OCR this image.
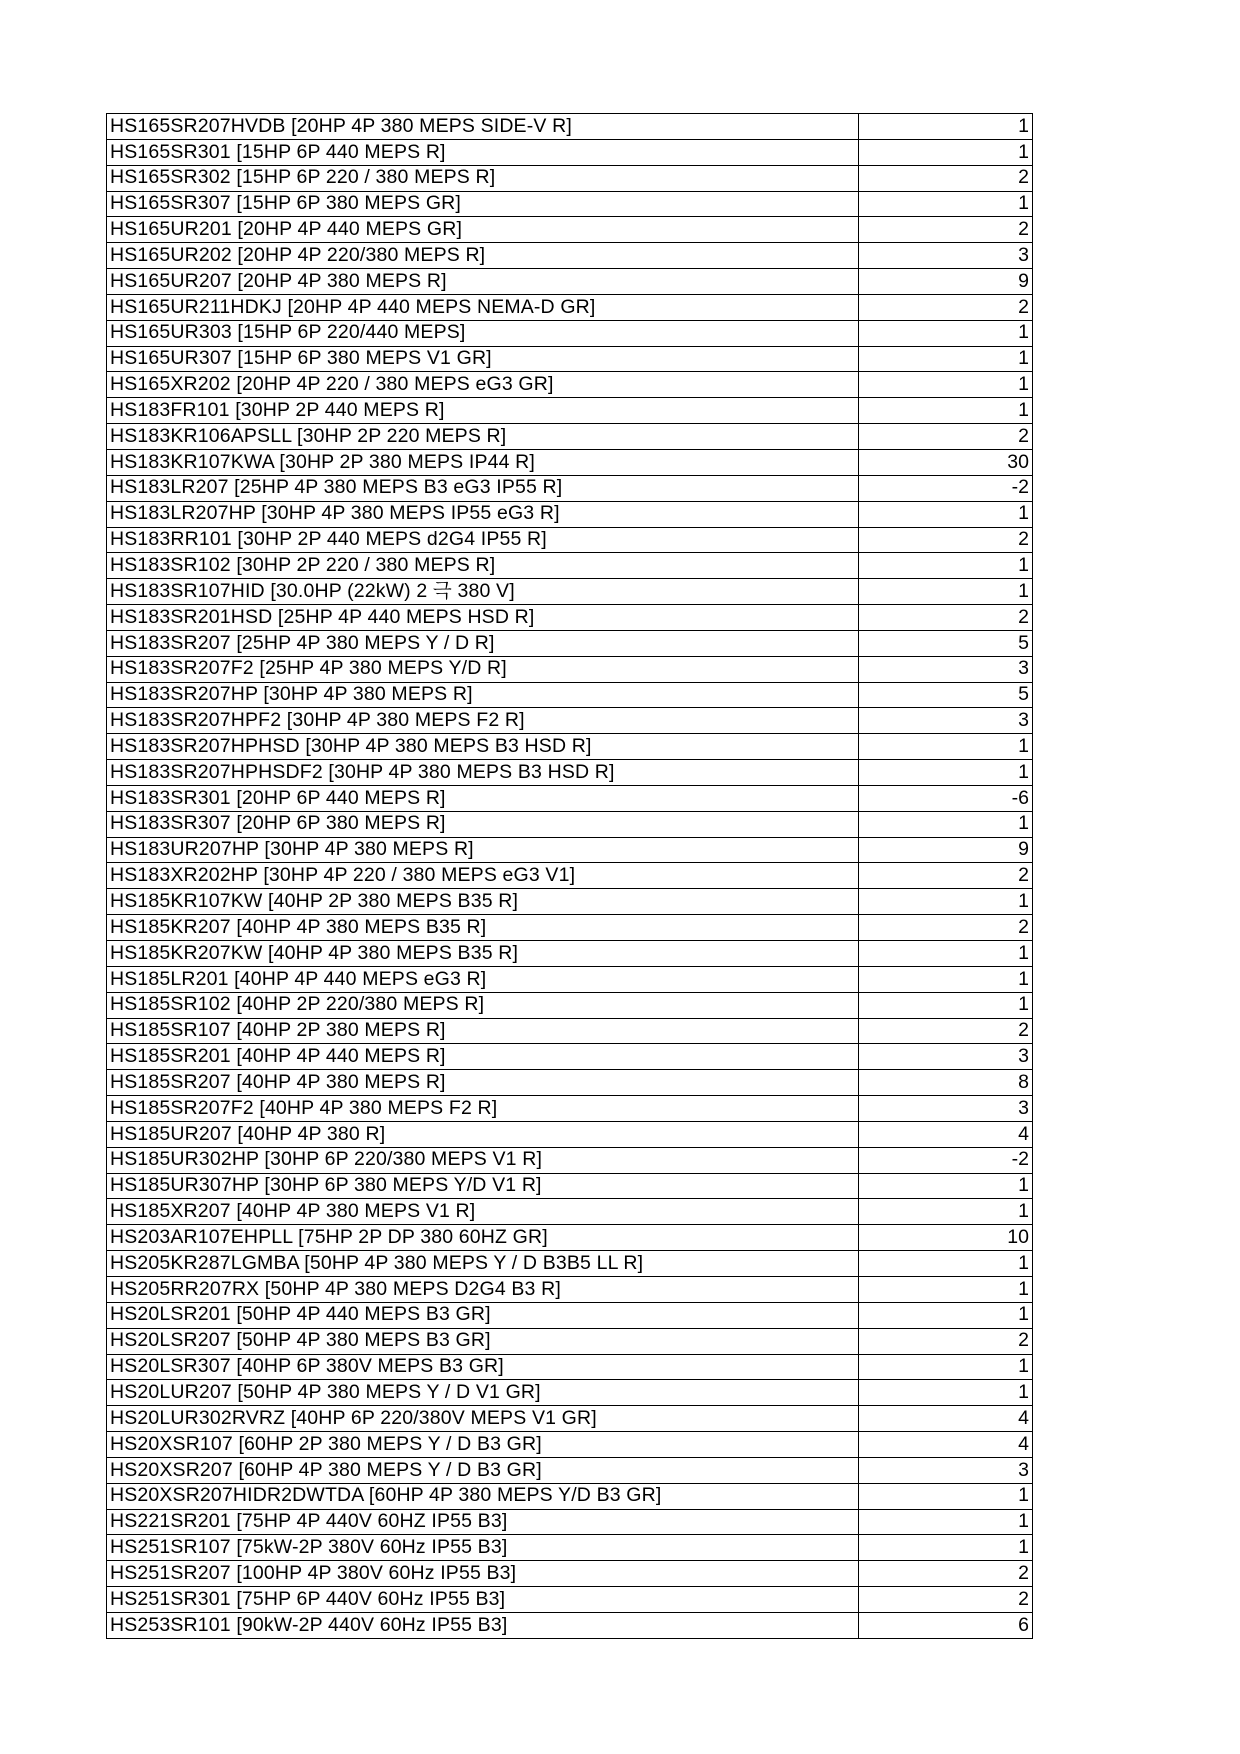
HS165SR207HVDB [20HP 4P 380 MEPS SIDE-V R]	1
HS165SR301 [15HP 6P 440 MEPS R]	1
HS165SR302 [15HP 6P 220 / 380 MEPS R]	2
HS165SR307 [15HP 6P 380 MEPS GR]	1
HS165UR201 [20HP 4P 440 MEPS GR]	2
HS165UR202 [20HP 4P 220/380 MEPS R]	3
HS165UR207 [20HP 4P 380 MEPS R]	9
HS165UR211HDKJ [20HP 4P 440 MEPS NEMA-D GR]	2
HS165UR303 [15HP 6P 220/440 MEPS]	1
HS165UR307 [15HP 6P 380 MEPS V1 GR]	1
HS165XR202 [20HP 4P 220 / 380 MEPS eG3 GR]	1
HS183FR101 [30HP 2P 440 MEPS R]	1
HS183KR106APSLL [30HP 2P 220 MEPS R]	2
HS183KR107KWA [30HP 2P 380 MEPS IP44 R]	30
HS183LR207 [25HP 4P 380 MEPS B3 eG3 IP55 R]	-2
HS183LR207HP [30HP 4P 380 MEPS IP55 eG3 R]	1
HS183RR101 [30HP 2P 440 MEPS d2G4 IP55 R]	2
HS183SR102 [30HP 2P 220 / 380 MEPS R]	1
HS183SR107HID [30.0HP (22kW) 2 극 380 V]	1
HS183SR201HSD [25HP 4P 440 MEPS HSD R]	2
HS183SR207 [25HP 4P 380 MEPS Y / D R]	5
HS183SR207F2 [25HP 4P 380 MEPS Y/D R]	3
HS183SR207HP [30HP 4P 380 MEPS R]	5
HS183SR207HPF2 [30HP 4P 380 MEPS F2 R]	3
HS183SR207HPHSD [30HP 4P 380 MEPS B3 HSD R]	1
HS183SR207HPHSDF2 [30HP 4P 380 MEPS B3 HSD R]	1
HS183SR301 [20HP 6P 440 MEPS R]	-6
HS183SR307 [20HP 6P 380 MEPS R]	1
HS183UR207HP [30HP 4P 380 MEPS R]	9
HS183XR202HP [30HP 4P 220 / 380 MEPS eG3 V1]	2
HS185KR107KW [40HP 2P 380 MEPS B35 R]	1
HS185KR207 [40HP 4P 380 MEPS B35 R]	2
HS185KR207KW [40HP 4P 380 MEPS B35 R]	1
HS185LR201 [40HP 4P 440 MEPS eG3 R]	1
HS185SR102 [40HP 2P 220/380 MEPS R]	1
HS185SR107 [40HP 2P 380 MEPS R]	2
HS185SR201 [40HP 4P 440 MEPS R]	3
HS185SR207 [40HP 4P 380 MEPS R]	8
HS185SR207F2 [40HP 4P 380 MEPS F2 R]	3
HS185UR207 [40HP 4P 380 R]	4
HS185UR302HP [30HP 6P 220/380 MEPS V1 R]	-2
HS185UR307HP [30HP 6P 380 MEPS Y/D V1 R]	1
HS185XR207 [40HP 4P 380 MEPS V1 R]	1
HS203AR107EHPLL [75HP 2P DP 380 60HZ GR]	10
HS205KR287LGMBA [50HP 4P 380 MEPS Y / D B3B5 LL R]	1
HS205RR207RX [50HP 4P 380 MEPS D2G4 B3 R]	1
HS20LSR201 [50HP 4P 440 MEPS B3 GR]	1
HS20LSR207 [50HP 4P 380 MEPS B3 GR]	2
HS20LSR307 [40HP 6P 380V MEPS B3 GR]	1
HS20LUR207 [50HP 4P 380 MEPS Y / D V1 GR]	1
HS20LUR302RVRZ [40HP 6P 220/380V MEPS V1 GR]	4
HS20XSR107 [60HP 2P 380 MEPS Y / D B3 GR]	4
HS20XSR207 [60HP 4P 380 MEPS Y / D B3 GR]	3
HS20XSR207HIDR2DWTDA [60HP 4P 380 MEPS Y/D B3 GR]	1
HS221SR201 [75HP 4P 440V 60HZ IP55 B3]	1
HS251SR107 [75kW-2P 380V 60Hz IP55 B3]	1
HS251SR207 [100HP 4P 380V 60Hz IP55 B3]	2
HS251SR301 [75HP 6P 440V 60Hz IP55 B3]	2
HS253SR101 [90kW-2P 440V 60Hz IP55 B3]	6
